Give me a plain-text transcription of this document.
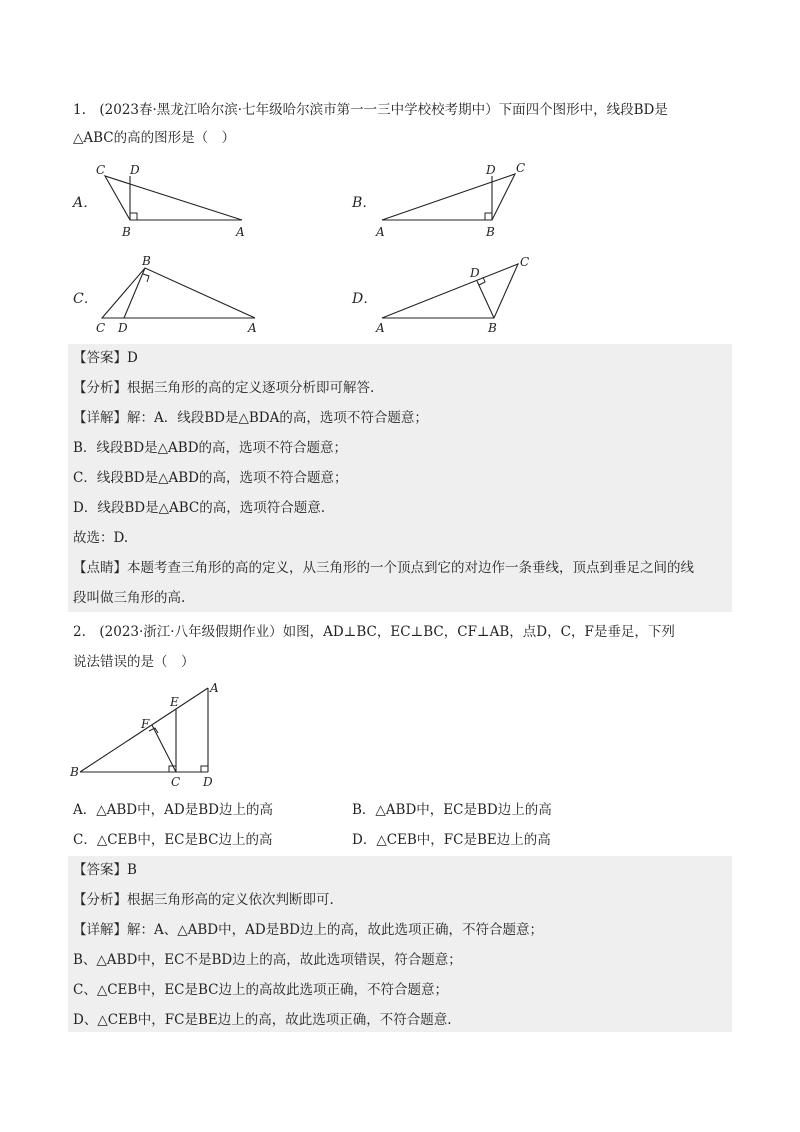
1.　(2023春·黑龙江哈尔滨·七年级哈尔滨市第一一三中学校校考期中）下面四个图形中，线段BD是
△ABC的高的图形是（　）
A．
C D
B	A
B．
D C
A	B
C．
B
C D	A
D．
D
C
A	B
【答案】D
【分析】根据三角形的高的定义逐项分析即可解答.
【详解】解：A．线段BD是△BDA的高，选项不符合题意；
B．线段BD是△ABD的高，选项不符合题意；
C．线段BD是△ABD的高，选项不符合题意；
D．线段BD是△ABC的高，选项符合题意.
故选：D.
【点睛】本题考查三角形的高的定义，从三角形的一个顶点到它的对边作一条垂线，顶点到垂足之间的线
段叫做三角形的高.
2.　(2023·浙江·八年级假期作业）如图，AD⊥BC，EC⊥BC，CF⊥AB，点D，C，F是垂足，下列
说法错误的是（　）
A
E
F
B
C D
A．△ABD中，AD是BD边上的高	B．△ABD中，EC是BD边上的高
C．△CEB中，EC是BC边上的高	D．△CEB中，FC是BE边上的高
【答案】B
【分析】根据三角形高的定义依次判断即可.
【详解】解：A、△ABD中，AD是BD边上的高，故此选项正确，不符合题意；
B、△ABD中，EC不是BD边上的高，故此选项错误，符合题意；
C、△CEB中，EC是BC边上的高故此选项正确，不符合题意；
D、△CEB中，FC是BE边上的高，故此选项正确，不符合题意.
